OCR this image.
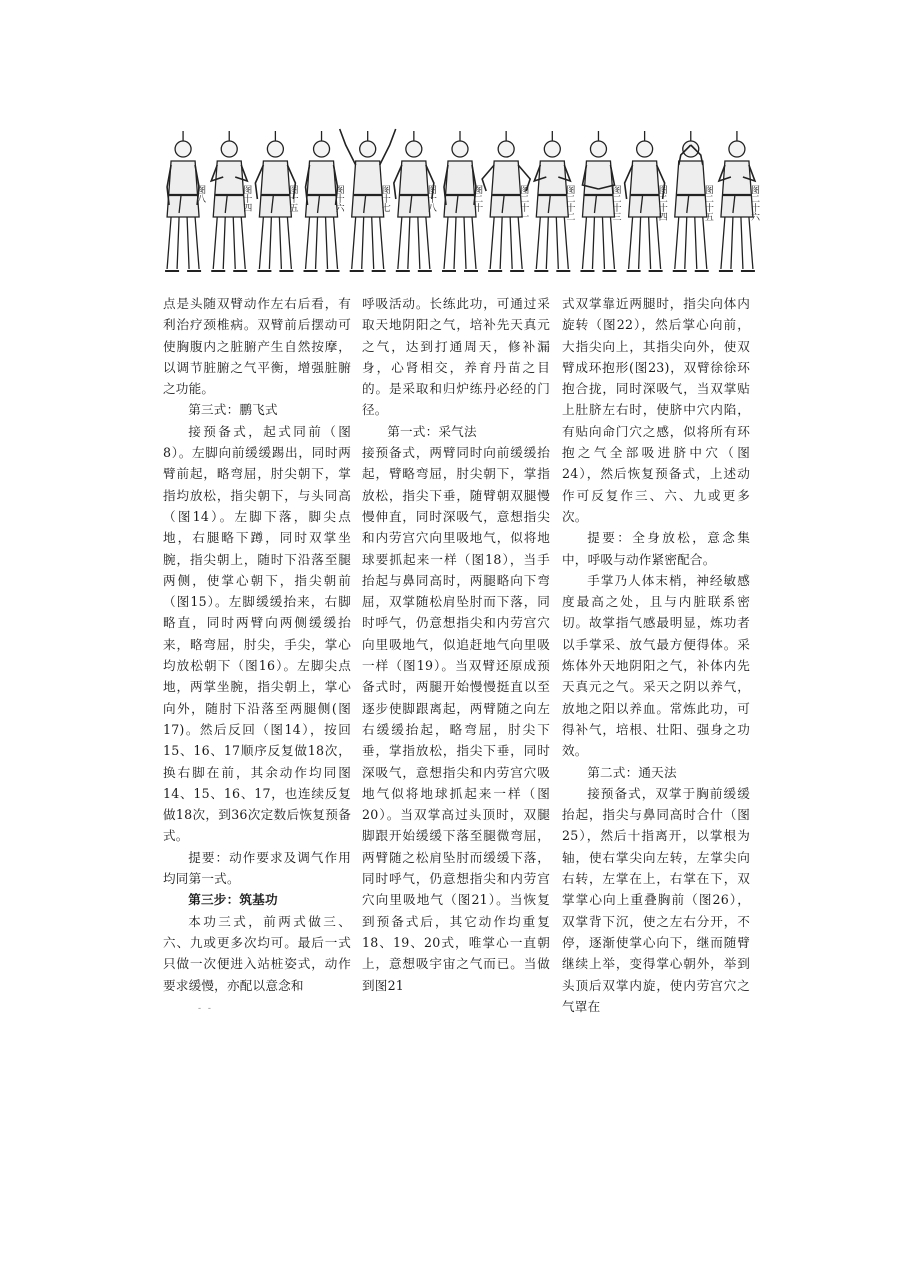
图八	图十四	图十五	图十六	图十七	图十八	图二十	图二十一	图二十二	图二十三	图二十四	图二十五	图二十六

点是头随双臂动作左右后看，有利治疗颈椎病。双臂前后摆动可使胸腹内之脏腑产生自然按摩，以调节脏腑之气平衡，增强脏腑之功能。

第三式：鹏飞式

接预备式，起式同前（图8）。左脚向前缓缓踢出，同时两臂前起，略弯屈，肘尖朝下，掌指均放松，指尖朝下，与头同高（图14）。左脚下落，脚尖点地，右腿略下蹲，同时双掌坐腕，指尖朝上，随时下沿落至腿两侧，使掌心朝下，指尖朝前（图15）。左脚缓缓抬来，右脚略直，同时两臂向两侧缓缓抬来，略弯屈，肘尖，手尖，掌心均放松朝下（图16）。左脚尖点地，两掌坐腕，指尖朝上，掌心向外，随肘下沿落至两腿侧(图17)。然后反回（图14），按回15、16、17顺序反复做18次，换右脚在前，其余动作均同图14、15、16、17，也连续反复做18次，到36次定数后恢复预备式。

提要：动作要求及调气作用均同第一式。

第三步：筑基功

本功三式，前两式做三、六、九或更多次均可。最后一式只做一次便进入站桩姿式，动作要求缓慢，亦配以意念和

呼吸活动。长练此功，可通过采取天地阴阳之气，培补先天真元之气，达到打通周天，修补漏身，心肾相交，养育丹苗之目的。是采取和归炉练丹必经的门径。

第一式：采气法

接预备式，两臂同时向前缓缓抬起，臂略弯屈，肘尖朝下，掌指放松，指尖下垂，随臂朝双腿慢慢伸直，同时深吸气，意想指尖和内劳宫穴向里吸地气，似将地球要抓起来一样（图18），当手抬起与鼻同高时，两腿略向下弯屈，双掌随松肩坠肘而下落，同时呼气，仍意想指尖和内劳宫穴向里吸地气，似追赶地气向里吸一样（图19）。当双臂还原成预备式时，两腿开始慢慢挺直以至逐步使脚跟离起，两臂随之向左右缓缓抬起，略弯屈，肘尖下垂，掌指放松，指尖下垂，同时深吸气，意想指尖和内劳宫穴吸地气似将地球抓起来一样（图20）。当双掌高过头顶时，双腿脚跟开始缓缓下落至腿微弯屈，两臂随之松肩坠肘而缓缓下落，同时呼气，仍意想指尖和内劳宫穴向里吸地气（图21）。当恢复到预备式后，其它动作均重复18、19、20式，唯掌心一直朝上，意想吸宇宙之气而已。当做到图21

式双掌靠近两腿时，指尖向体内旋转（图22），然后掌心向前，大指尖向上，其指尖向外，使双臂成环抱形(图23)，双臂徐徐环抱合拢，同时深吸气，当双掌贴上肚脐左右时，使脐中穴内陷，有贴向命门穴之感，似将所有环抱之气全部吸进脐中穴（图24），然后恢复预备式，上述动作可反复作三、六、九或更多次。

提要：全身放松，意念集中，呼吸与动作紧密配合。

手掌乃人体末梢，神经敏感度最高之处，且与内脏联系密切。故掌指气感最明显，炼功者以手掌采、放气最方便得体。采炼体外天地阴阳之气，补体内先天真元之气。采天之阴以养气，放地之阳以养血。常炼此功，可得补气，培根、壮阳、强身之功效。

第二式：通天法

接预备式，双掌于胸前缓缓抬起，指尖与鼻同高时合什（图25），然后十指离开，以掌根为轴，使右掌尖向左转，左掌尖向右转，左掌在上，右掌在下，双掌掌心向上重叠胸前（图26），双掌背下沉，使之左右分开，不停，逐渐使掌心向下，继而随臂继续上举，变得掌心朝外，举到头顶后双掌内旋，使内劳宫穴之气罩在

- -
